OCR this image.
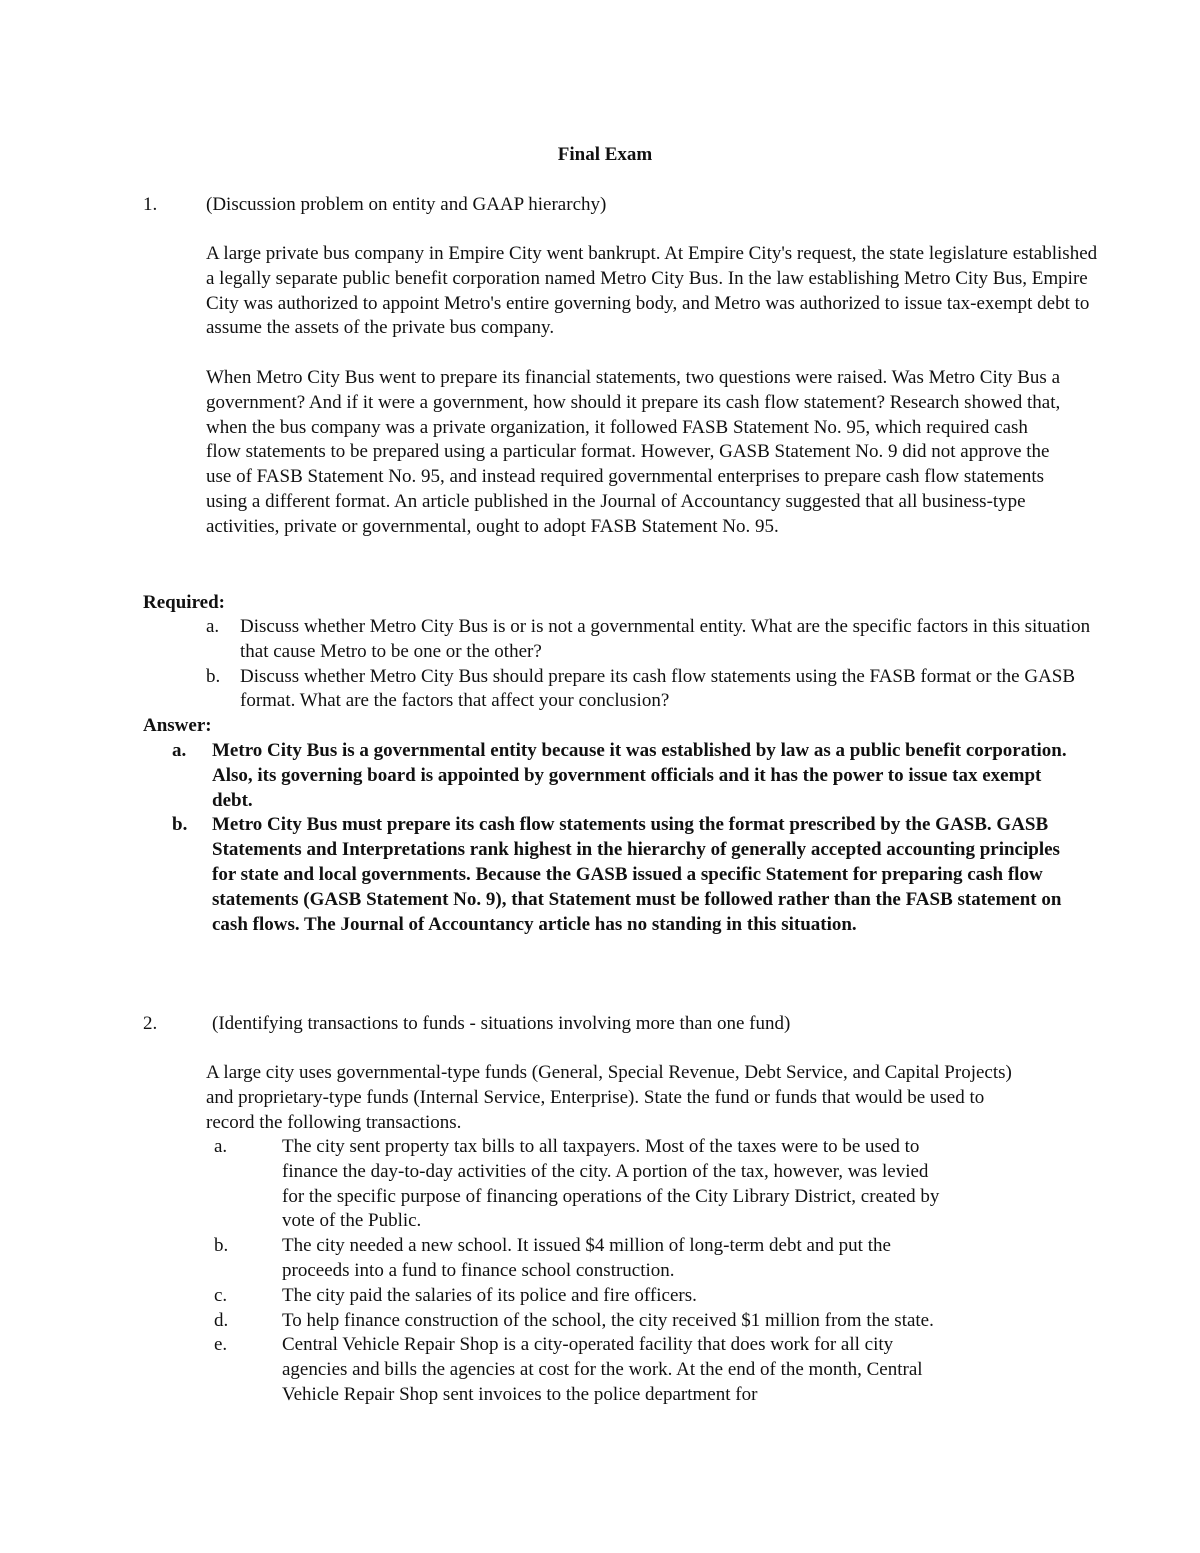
Final Exam
1.	(Discussion problem on entity and GAAP hierarchy)

A large private bus company in Empire City went bankrupt. At Empire City's request, the state legislature established a legally separate public benefit corporation named Metro City Bus. In the law establishing Metro City Bus, Empire City was authorized to appoint Metro's entire governing body, and Metro was authorized to issue tax-exempt debt to assume the assets of the private bus company.

When Metro City Bus went to prepare its financial statements, two questions were raised. Was Metro City Bus a government? And if it were a government, how should it prepare its cash flow statement? Research showed that, when the bus company was a private organization, it followed FASB Statement No. 95, which required cash flow statements to be prepared using a particular format. However, GASB Statement No. 9 did not approve the use of FASB Statement No. 95, and instead required governmental enterprises to prepare cash flow statements using a different format. An article published in the Journal of Accountancy suggested that all business-type activities, private or governmental, ought to adopt FASB Statement No. 95.

Required:
a. Discuss whether Metro City Bus is or is not a governmental entity. What are the specific factors in this situation that cause Metro to be one or the other?
b. Discuss whether Metro City Bus should prepare its cash flow statements using the FASB format or the GASB format. What are the factors that affect your conclusion?
Answer:
a. Metro City Bus is a governmental entity because it was established by law as a public benefit corporation. Also, its governing board is appointed by government officials and it has the power to issue tax exempt debt.
b. Metro City Bus must prepare its cash flow statements using the format prescribed by the GASB. GASB Statements and Interpretations rank highest in the hierarchy of generally accepted accounting principles for state and local governments. Because the GASB issued a specific Statement for preparing cash flow statements (GASB Statement No. 9), that Statement must be followed rather than the FASB statement on cash flows. The Journal of Accountancy article has no standing in this situation.
2.	(Identifying transactions to funds - situations involving more than one fund)

A large city uses governmental-type funds (General, Special Revenue, Debt Service, and Capital Projects) and proprietary-type funds (Internal Service, Enterprise). State the fund or funds that would be used to record the following transactions.

a.	The city sent property tax bills to all taxpayers. Most of the taxes were to be used to finance the day-to-day activities of the city. A portion of the tax, however, was levied for the specific purpose of financing operations of the City Library District, created by vote of the Public.
b.	The city needed a new school. It issued $4 million of long-term debt and put the proceeds into a fund to finance school construction.
c.	The city paid the salaries of its police and fire officers.
d.	To help finance construction of the school, the city received $1 million from the state.
e.	Central Vehicle Repair Shop is a city-operated facility that does work for all city agencies and bills the agencies at cost for the work. At the end of the month, Central Vehicle Repair Shop sent invoices to the police department for
